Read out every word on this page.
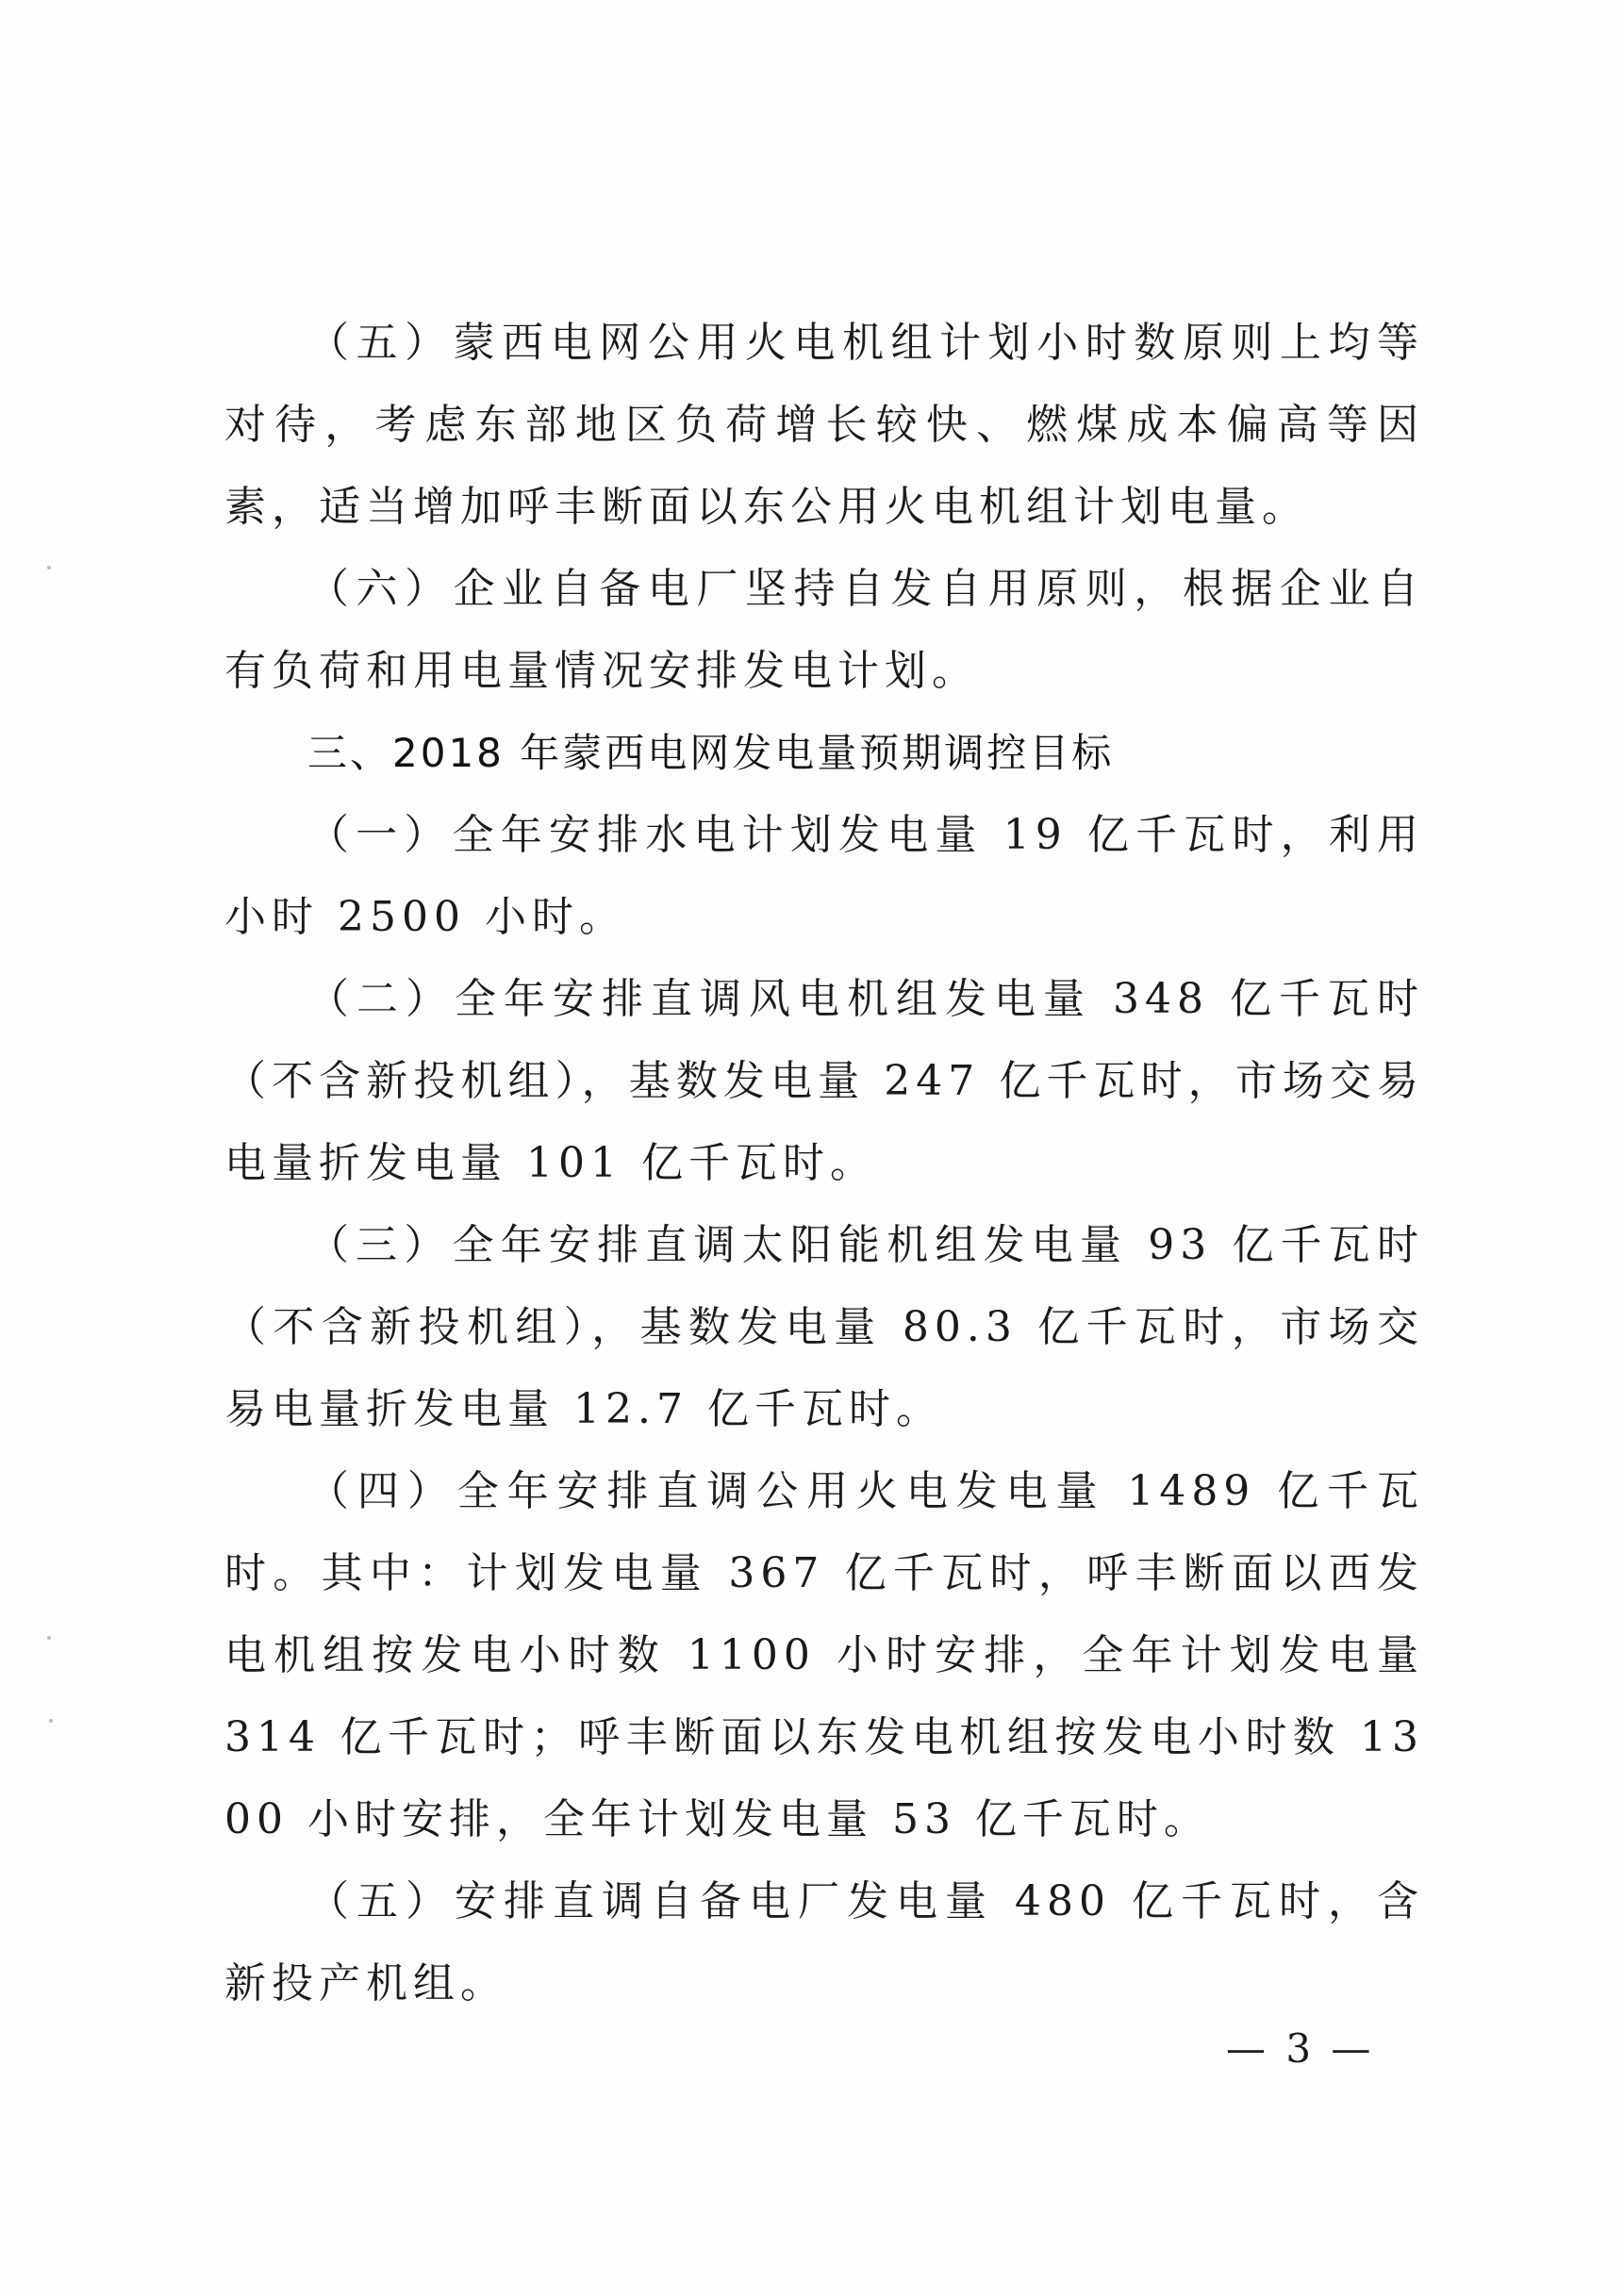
（五）蒙西电网公用火电机组计划小时数原则上均等对待，考虑东部地区负荷增长较快、燃煤成本偏高等因素，适当增加呼丰断面以东公用火电机组计划电量。

（六）企业自备电厂坚持自发自用原则，根据企业自有负荷和用电量情况安排发电计划。

三、2018 年蒙西电网发电量预期调控目标

（一）全年安排水电计划发电量 19 亿千瓦时，利用小时 2500 小时。

（二）全年安排直调风电机组发电量 348 亿千瓦时（不含新投机组），基数发电量 247 亿千瓦时，市场交易电量折发电量 101 亿千瓦时。

（三）全年安排直调太阳能机组发电量 93 亿千瓦时（不含新投机组），基数发电量 80.3 亿千瓦时，市场交易电量折发电量 12.7 亿千瓦时。

（四）全年安排直调公用火电发电量 1489 亿千瓦时。其中：计划发电量 367 亿千瓦时，呼丰断面以西发电机组按发电小时数 1100 小时安排，全年计划发电量 314 亿千瓦时；呼丰断面以东发电机组按发电小时数 1300 小时安排，全年计划发电量 53 亿千瓦时。

（五）安排直调自备电厂发电量 480 亿千瓦时，含新投产机组。

— 3 —
